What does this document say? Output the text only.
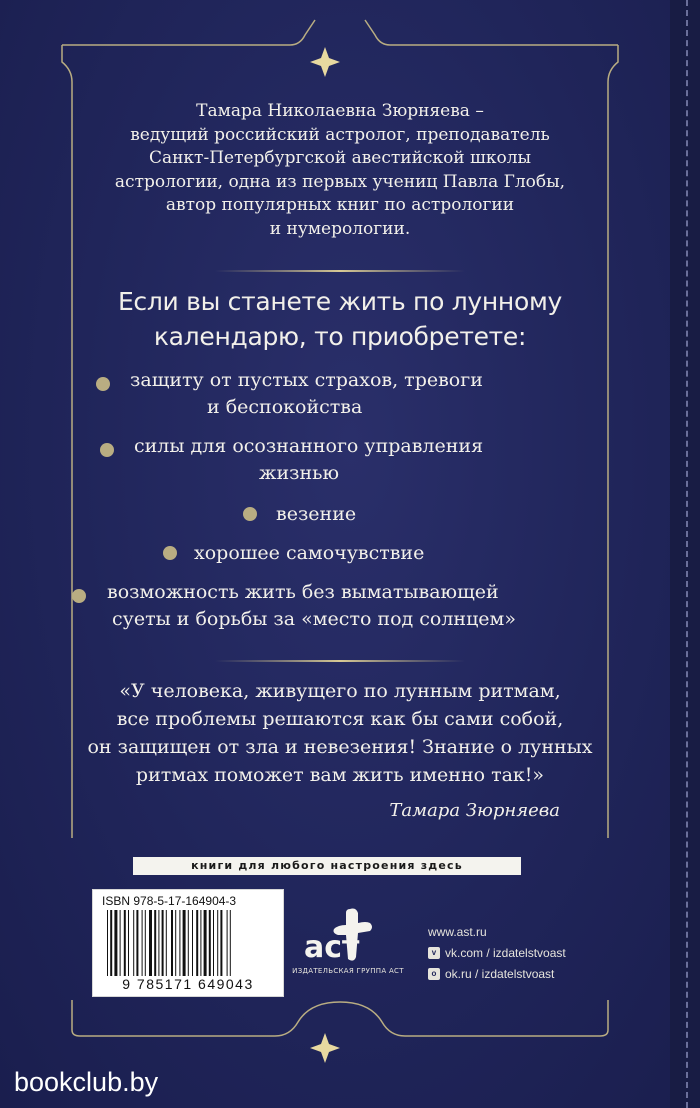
Тамара Николаевна Зюрняева –
ведущий российский астролог, преподаватель
Санкт-Петербургской авестийской школы
астрологии, одна из первых учениц Павла Глобы,
автор популярных книг по астрологии
и нумерологии.
Если вы станете жить по лунному
календарю, то приобретете:
защиту от пустых страхов, тревоги
и беспокойства
силы для осознанного управления
жизнью
везение
хорошее самочувствие
возможность жить без выматывающей
суеты и борьбы за «место под солнцем»
«У человека, живущего по лунным ритмам,
все проблемы решаются как бы сами собой,
он защищен от зла и невезения! Знание о лунных
ритмах поможет вам жить именно так!»
Тамара Зюрняева
книги для любого настроения здесь
ISBN 978-5-17-164904-3
9 785171 649043
аст
ИЗДАТЕЛЬСКАЯ ГРУППА АСТ
www.ast.ru
v vk.com / izdatelstvoast
o ok.ru / izdatelstvoast
bookclub.by
